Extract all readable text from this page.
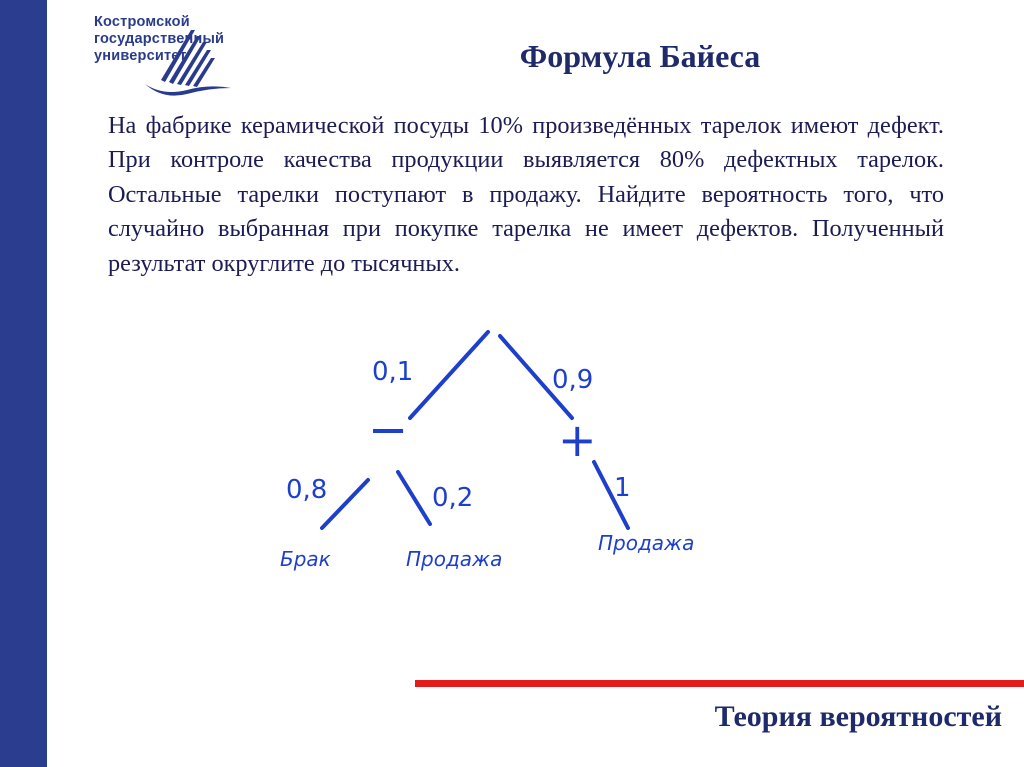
Костромской
государственный
университет	Формула Байеса
На фабрике керамической посуды 10% произведённых тарелок имеют дефект. При контроле качества продукции выявляется 80% дефектных тарелок. Остальные тарелки поступают в продажу. Найдите вероятность того, что случайно выбранная при покупке тарелка не имеет дефектов. Полученный результат округлите до тысячных.
0,1	0,9
−	+
0,8	0,2	1
Брак	Продажа
Продажа
Теория вероятностей
